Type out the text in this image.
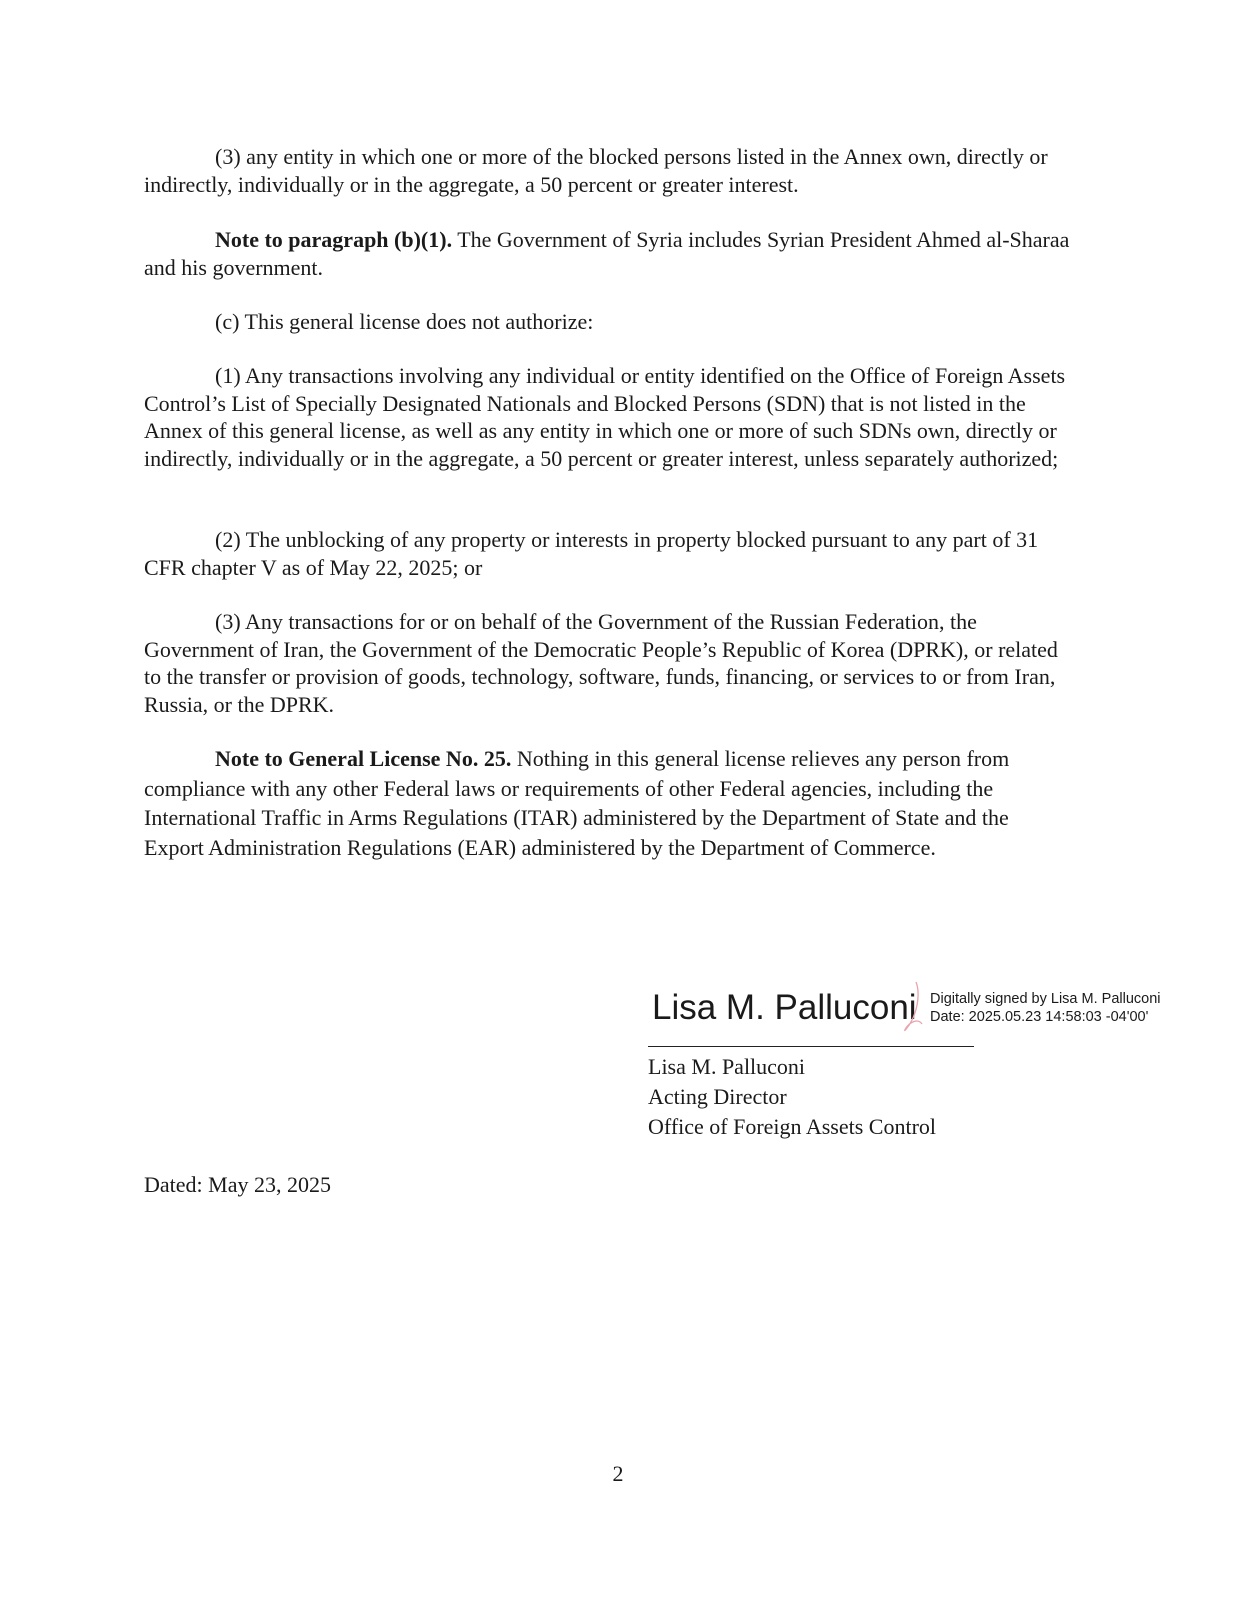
(3) any entity in which one or more of the blocked persons listed in the Annex own, directly or indirectly, individually or in the aggregate, a 50 percent or greater interest.

Note to paragraph (b)(1). The Government of Syria includes Syrian President Ahmed al-Sharaa and his government.

(c) This general license does not authorize:

(1) Any transactions involving any individual or entity identified on the Office of Foreign Assets Control’s List of Specially Designated Nationals and Blocked Persons (SDN) that is not listed in the Annex of this general license, as well as any entity in which one or more of such SDNs own, directly or indirectly, individually or in the aggregate, a 50 percent or greater interest, unless separately authorized;

(2) The unblocking of any property or interests in property blocked pursuant to any part of 31 CFR chapter V as of May 22, 2025; or

(3) Any transactions for or on behalf of the Government of the Russian Federation, the Government of Iran, the Government of the Democratic People’s Republic of Korea (DPRK), or related to the transfer or provision of goods, technology, software, funds, financing, or services to or from Iran, Russia, or the DPRK.

Note to General License No. 25. Nothing in this general license relieves any person from compliance with any other Federal laws or requirements of other Federal agencies, including the International Traffic in Arms Regulations (ITAR) administered by the Department of State and the Export Administration Regulations (EAR) administered by the Department of Commerce.

Lisa M. Palluconi Digitally signed by Lisa M. Palluconi
Date: 2025.05.23 14:58:03 -04'00'
Lisa M. Palluconi
Acting Director
Office of Foreign Assets Control
Dated: May 23, 2025
2
